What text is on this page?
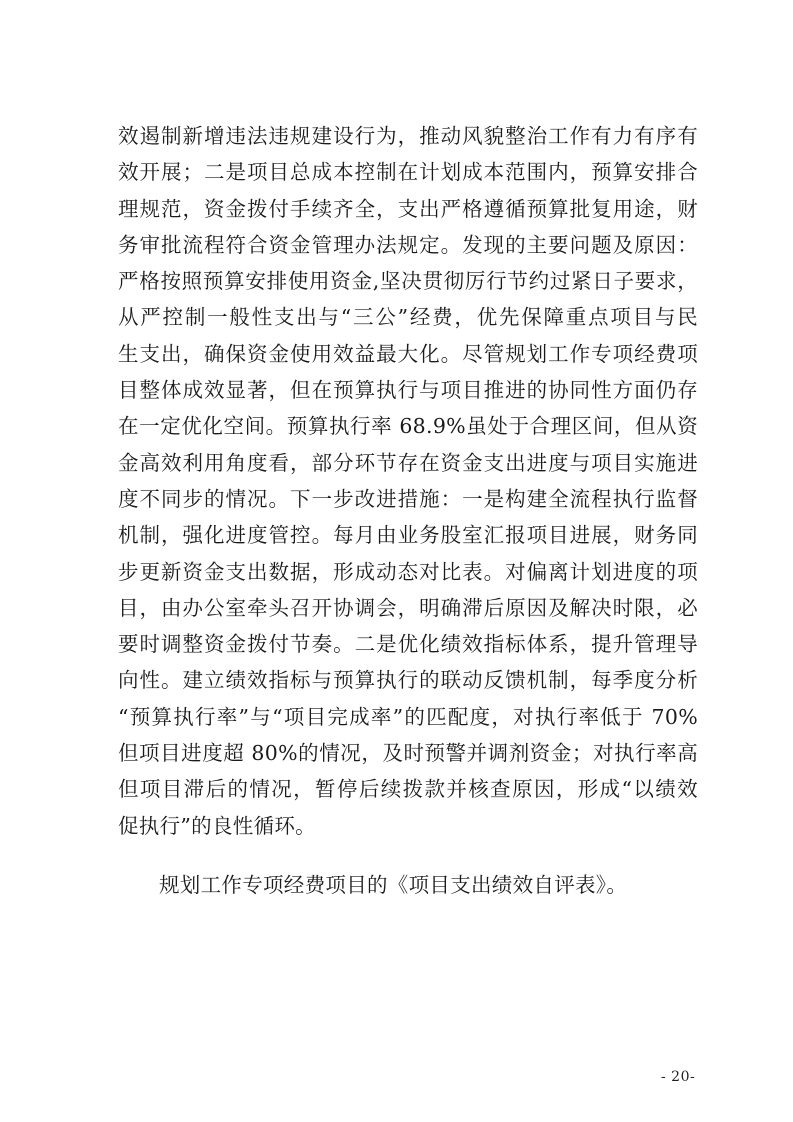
效遏制新增违法违规建设行为，推动风貌整治工作有力有序有
效开展；二是项目总成本控制在计划成本范围内，预算安排合
理规范，资金拨付手续齐全，支出严格遵循预算批复用途，财
务审批流程符合资金管理办法规定。发现的主要问题及原因：
严格按照预算安排使用资金,坚决贯彻厉行节约过紧日子要求，
从严控制一般性支出与“三公”经费，优先保障重点项目与民
生支出，确保资金使用效益最大化。尽管规划工作专项经费项
目整体成效显著，但在预算执行与项目推进的协同性方面仍存
在一定优化空间。预算执行率 68.9%虽处于合理区间，但从资
金高效利用角度看，部分环节存在资金支出进度与项目实施进
度不同步的情况。下一步改进措施：一是构建全流程执行监督
机制，强化进度管控。每月由业务股室汇报项目进展，财务同
步更新资金支出数据，形成动态对比表。对偏离计划进度的项
目，由办公室牵头召开协调会，明确滞后原因及解决时限，必
要时调整资金拨付节奏。二是优化绩效指标体系，提升管理导
向性。建立绩效指标与预算执行的联动反馈机制，每季度分析
“预算执行率”与“项目完成率”的匹配度，对执行率低于 70%
但项目进度超 80%的情况，及时预警并调剂资金；对执行率高
但项目滞后的情况，暂停后续拨款并核查原因，形成“以绩效
促执行”的良性循环。

规划工作专项经费项目的《项目支出绩效自评表》。

- 20-
